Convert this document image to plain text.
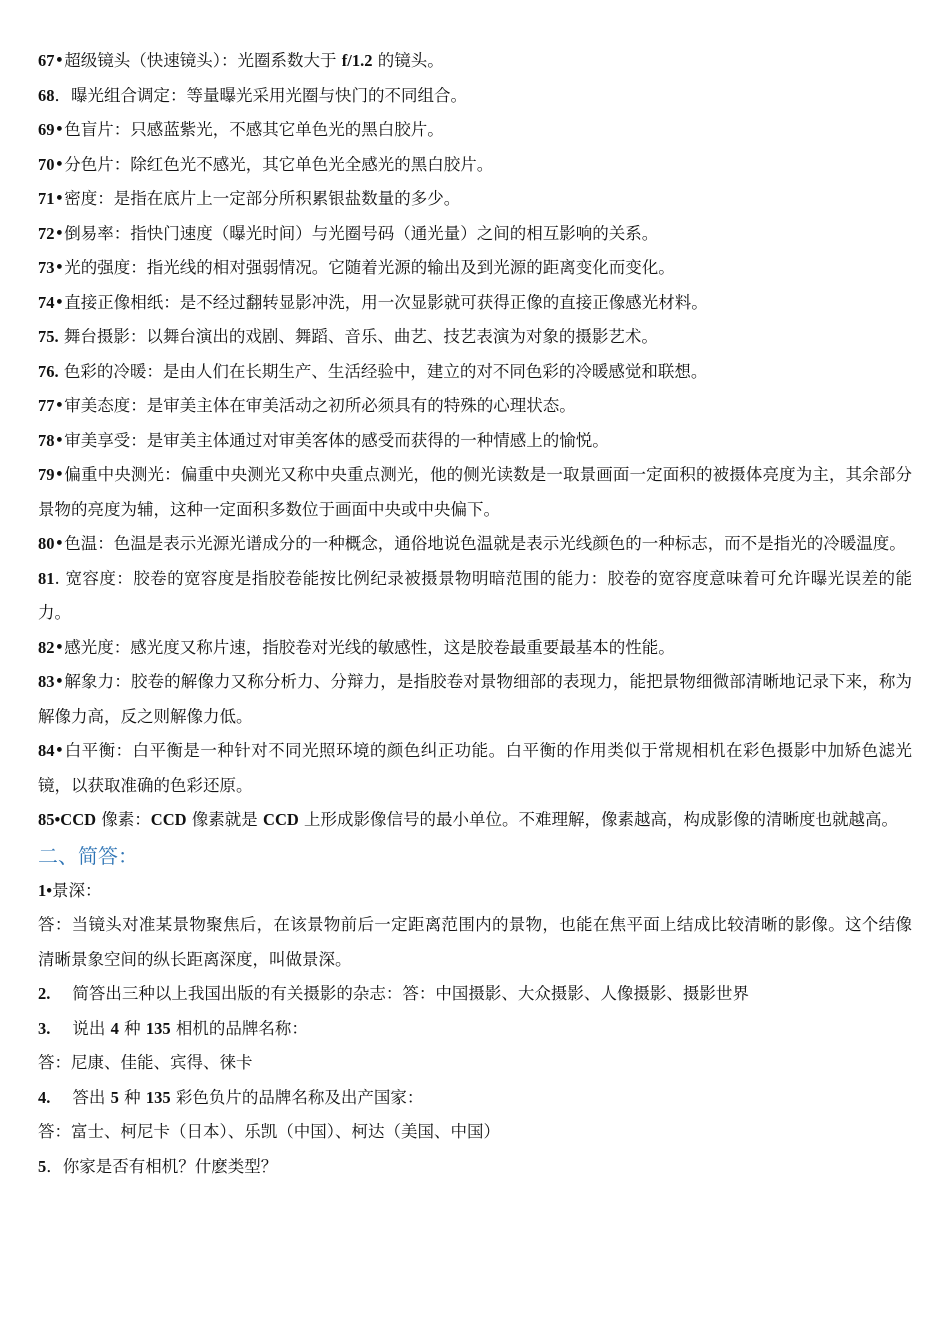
67•超级镜头（快速镜头）：光圈系数大于 f/1.2 的镜头。

68．曝光组合调定：等量曝光采用光圈与快门的不同组合。

69•色盲片：只感蓝紫光，不感其它单色光的黑白胶片。

70•分色片：除红色光不感光，其它单色光全感光的黑白胶片。

71•密度：是指在底片上一定部分所积累银盐数量的多少。

72•倒易率：指快门速度（曝光时间）与光圈号码（通光量）之间的相互影响的关系。

73•光的强度：指光线的相对强弱情况。它随着光源的输出及到光源的距离变化而变化。

74•直接正像相纸：是不经过翻转显影冲洗，用一次显影就可获得正像的直接正像感光材料。

75. 舞台摄影：以舞台演出的戏剧、舞蹈、音乐、曲艺、技艺表演为对象的摄影艺术。

76. 色彩的冷暖：是由人们在长期生产、生活经验中，建立的对不同色彩的冷暖感觉和联想。

77•审美态度：是审美主体在审美活动之初所必须具有的特殊的心理状态。

78•审美享受：是审美主体通过对审美客体的感受而获得的一种情感上的愉悦。

79•偏重中央测光：偏重中央测光又称中央重点测光，他的侧光读数是一取景画面一定面积的被摄体亮度为主，其余部分景物的亮度为辅，这种一定面积多数位于画面中央或中央偏下。

80•色温：色温是表示光源光谱成分的一种概念，通俗地说色温就是表示光线颜色的一种标志，而不是指光的冷暖温度。

81. 宽容度：胶卷的宽容度是指胶卷能按比例纪录被摄景物明暗范围的能力：胶卷的宽容度意味着可允许曝光误差的能力。

82•感光度：感光度又称片速，指胶卷对光线的敏感性，这是胶卷最重要最基本的性能。

83•解象力：胶卷的解像力又称分析力、分辩力，是指胶卷对景物细部的表现力，能把景物细微部清晰地记录下来，称为解像力高，反之则解像力低。

84•白平衡：白平衡是一种针对不同光照环境的颜色纠正功能。白平衡的作用类似于常规相机在彩色摄影中加矫色滤光镜，以获取准确的色彩还原。

85•CCD 像素：CCD 像素就是 CCD 上形成影像信号的最小单位。不难理解，像素越高，构成影像的清晰度也就越高。

二、简答：

1•景深：

答：当镜头对准某景物聚焦后，在该景物前后一定距离范围内的景物，也能在焦平面上结成比较清晰的影像。这个结像清晰景象空间的纵长距离深度，叫做景深。

2. 简答出三种以上我国出版的有关摄影的杂志：答：中国摄影、大众摄影、人像摄影、摄影世界

3. 说出 4 种 135 相机的品牌名称：

答：尼康、佳能、宾得、徕卡

4. 答出 5 种 135 彩色负片的品牌名称及出产国家：

答：富士、柯尼卡（日本）、乐凯（中国）、柯达（美国、中国）

5．你家是否有相机？什麽类型？
